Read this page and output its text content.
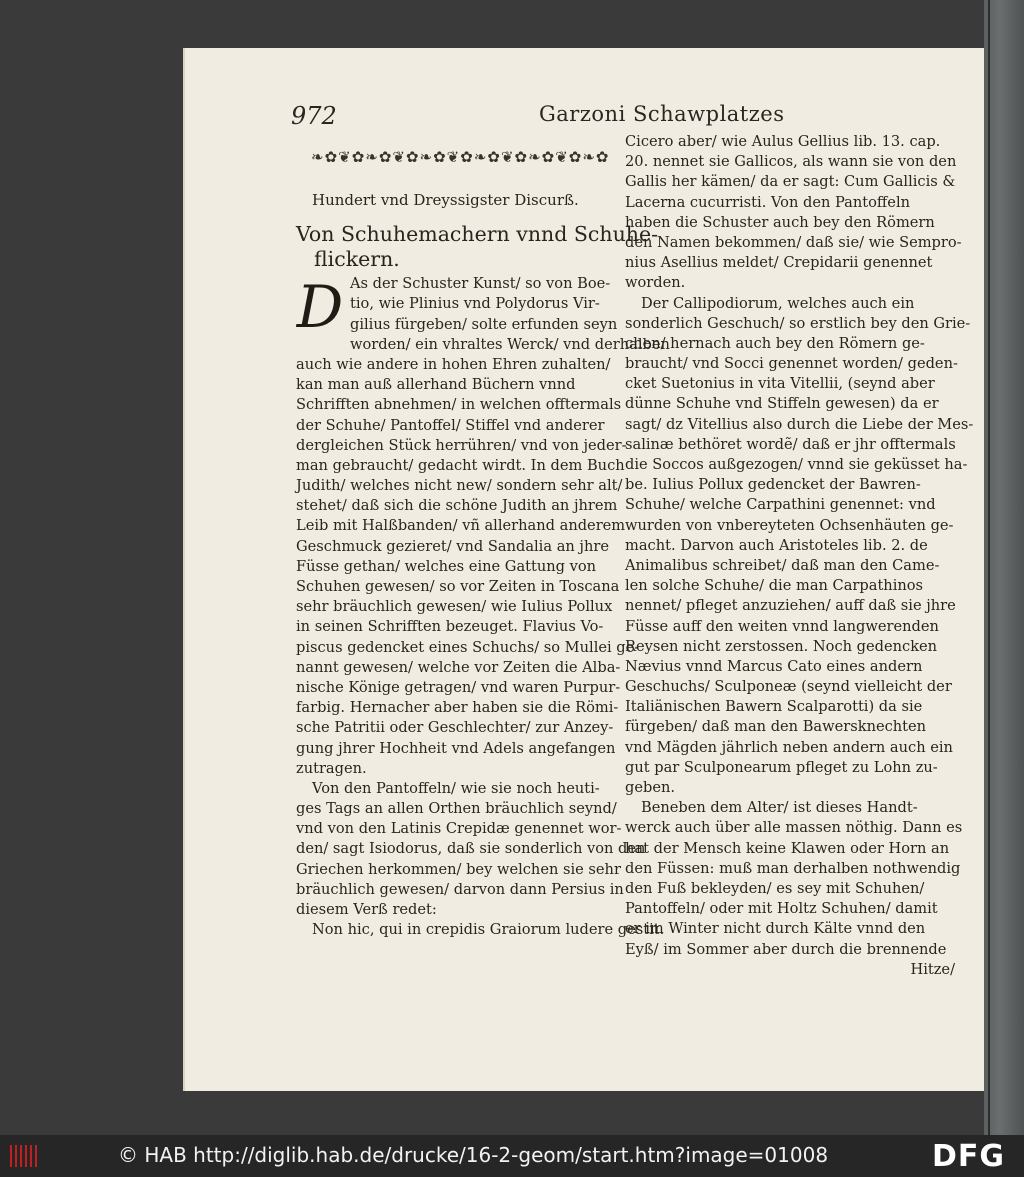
972	Garzoni Schawplatzes
❧✿❦✿❧✿❦✿❧✿❦✿❧✿❦✿❧✿❦✿❧✿
Hundert vnd Dreyssigster Discurß.
Von Schuhemachern vnnd Schuhe-
flickern.
D As der Schuster Kunst/ so von Boe-
tio, wie Plinius vnd Polydorus Vir-
gilius fürgeben/ solte erfunden seyn
worden/ ein vhraltes Werck/ vnd derhalben
auch wie andere in hohen Ehren zuhalten/
kan man auß allerhand Büchern vnnd
Schrifften abnehmen/ in welchen offtermals
der Schuhe/ Pantoffel/ Stiffel vnd anderer
dergleichen Stück herrühren/ vnd von jeder-
man gebraucht/ gedacht wirdt. In dem Buch
Judith/ welches nicht new/ sondern sehr alt/
stehet/ daß sich die schöne Judith an jhrem
Leib mit Halßbanden/ vñ allerhand anderem
Geschmuck gezieret/ vnd Sandalia an jhre
Füsse gethan/ welches eine Gattung von
Schuhen gewesen/ so vor Zeiten in Toscana
sehr bräuchlich gewesen/ wie Iulius Pollux
in seinen Schrifften bezeuget. Flavius Vo-
piscus gedencket eines Schuchs/ so Mullei ge-
nannt gewesen/ welche vor Zeiten die Alba-
nische Könige getragen/ vnd waren Purpur-
farbig. Hernacher aber haben sie die Römi-
sche Patritii oder Geschlechter/ zur Anzey-
gung jhrer Hochheit vnd Adels angefangen
zutragen.
Von den Pantoffeln/ wie sie noch heuti-
ges Tags an allen Orthen bräuchlich seynd/
vnd von den Latinis Crepidæ genennet wor-
den/ sagt Isiodorus, daß sie sonderlich von den
Griechen herkommen/ bey welchen sie sehr
bräuchlich gewesen/ darvon dann Persius in
diesem Verß redet:
Non hic, qui in crepidis Graiorum ludere gestit.
Cicero aber/ wie Aulus Gellius lib. 13. cap.
20. nennet sie Gallicos, als wann sie von den
Gallis her kämen/ da er sagt: Cum Gallicis &
Lacerna cucurristi. Von den Pantoffeln
haben die Schuster auch bey den Römern
den Namen bekommen/ daß sie/ wie Sempro-
nius Asellius meldet/ Crepidarii genennet
worden.
Der Callipodiorum, welches auch ein
sonderlich Geschuch/ so erstlich bey den Grie-
chen/ hernach auch bey den Römern ge-
braucht/ vnd Socci genennet worden/ geden-
cket Suetonius in vita Vitellii, (seynd aber
dünne Schuhe vnd Stiffeln gewesen) da er
sagt/ dz Vitellius also durch die Liebe der Mes-
salinæ bethöret wordẽ/ daß er jhr offtermals
die Soccos außgezogen/ vnnd sie geküsset ha-
be. Iulius Pollux gedencket der Bawren-
Schuhe/ welche Carpathini genennet: vnd
wurden von vnbereyteten Ochsenhäuten ge-
macht. Darvon auch Aristoteles lib. 2. de
Animalibus schreibet/ daß man den Came-
len solche Schuhe/ die man Carpathinos
nennet/ pfleget anzuziehen/ auff daß sie jhre
Füsse auff den weiten vnnd langwerenden
Reysen nicht zerstossen. Noch gedencken
Nævius vnnd Marcus Cato eines andern
Geschuchs/ Sculponeæ (seynd vielleicht der
Italiänischen Bawern Scalparotti) da sie
fürgeben/ daß man den Bawersknechten
vnd Mägden jährlich neben andern auch ein
gut par Sculponearum pfleget zu Lohn zu-
geben.
Beneben dem Alter/ ist dieses Handt-
werck auch über alle massen nöthig. Dann es
hat der Mensch keine Klawen oder Horn an
den Füssen: muß man derhalben nothwendig
den Fuß bekleyden/ es sey mit Schuhen/
Pantoffeln/ oder mit Holtz Schuhen/ damit
er im Winter nicht durch Kälte vnnd den
Eyß/ im Sommer aber durch die brennende
Hitze/
© HAB http://diglib.hab.de/drucke/16-2-geom/start.htm?image=01008	DFG
